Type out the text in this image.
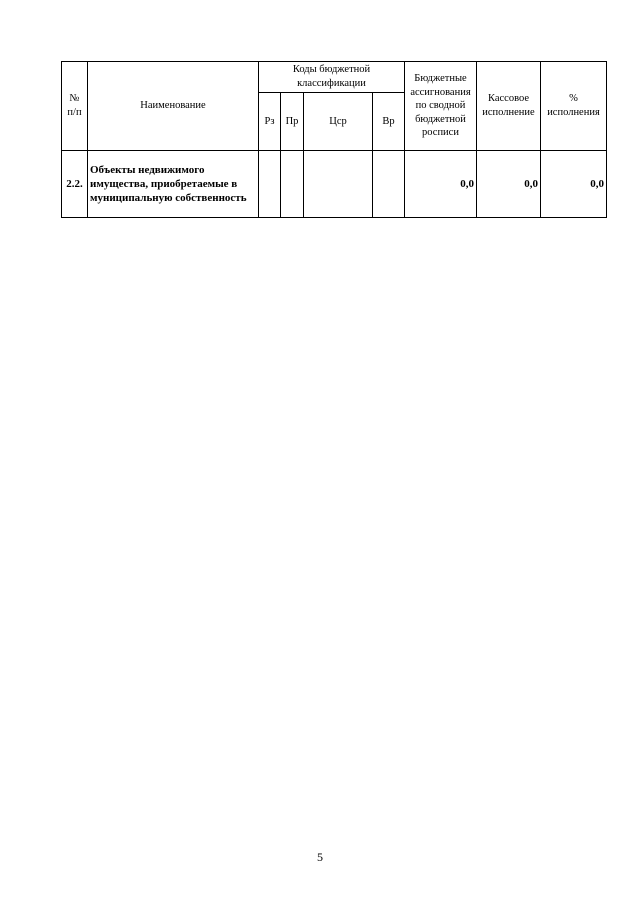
№ п/п	Наименование	Коды бюджетной классификации				Бюджетные ассигнования по сводной бюджетной росписи	Кассовое исполнение	% исполнения
		Рз	Пр	Цср	Вр			
2.2.	Объекты недвижимого имущества, приобретаемые в муниципальную собственность					0,0	0,0	0,0
5
